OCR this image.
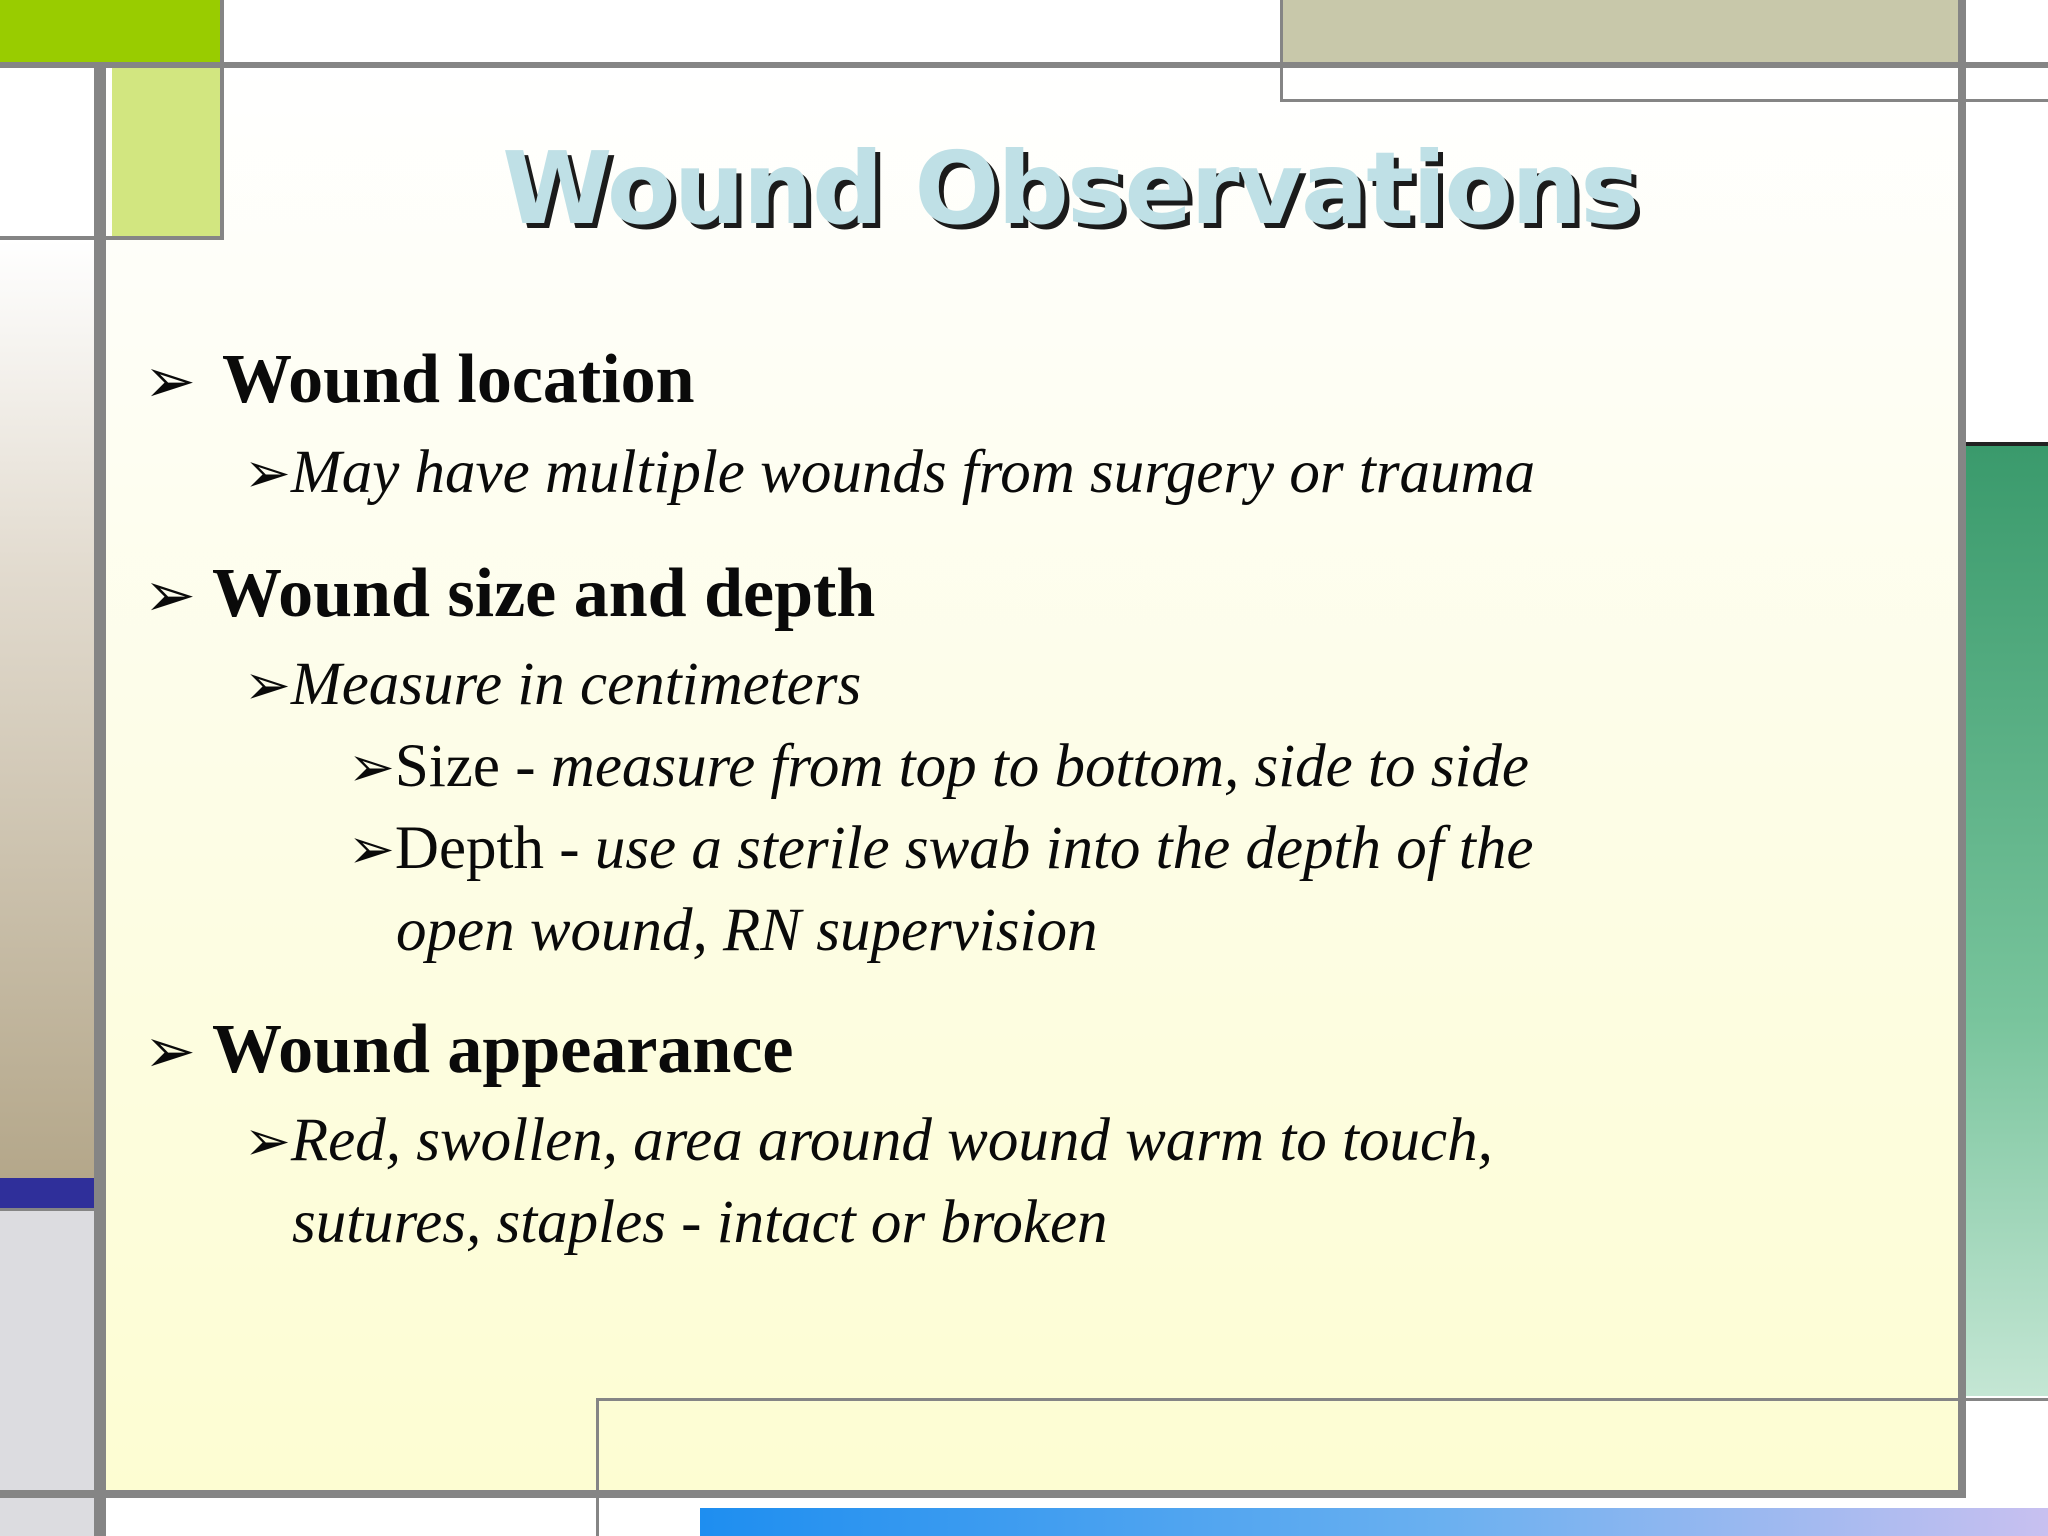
Wound Observations
➢ Wound location
➢May have multiple wounds from surgery or trauma
➢ Wound size and depth
➢Measure in centimeters
➢Size - measure from top to bottom, side to side
➢Depth - use a sterile swab into the depth of the
open wound, RN supervision
➢ Wound appearance
➢Red, swollen, area around wound warm to touch,
sutures, staples - intact or broken
